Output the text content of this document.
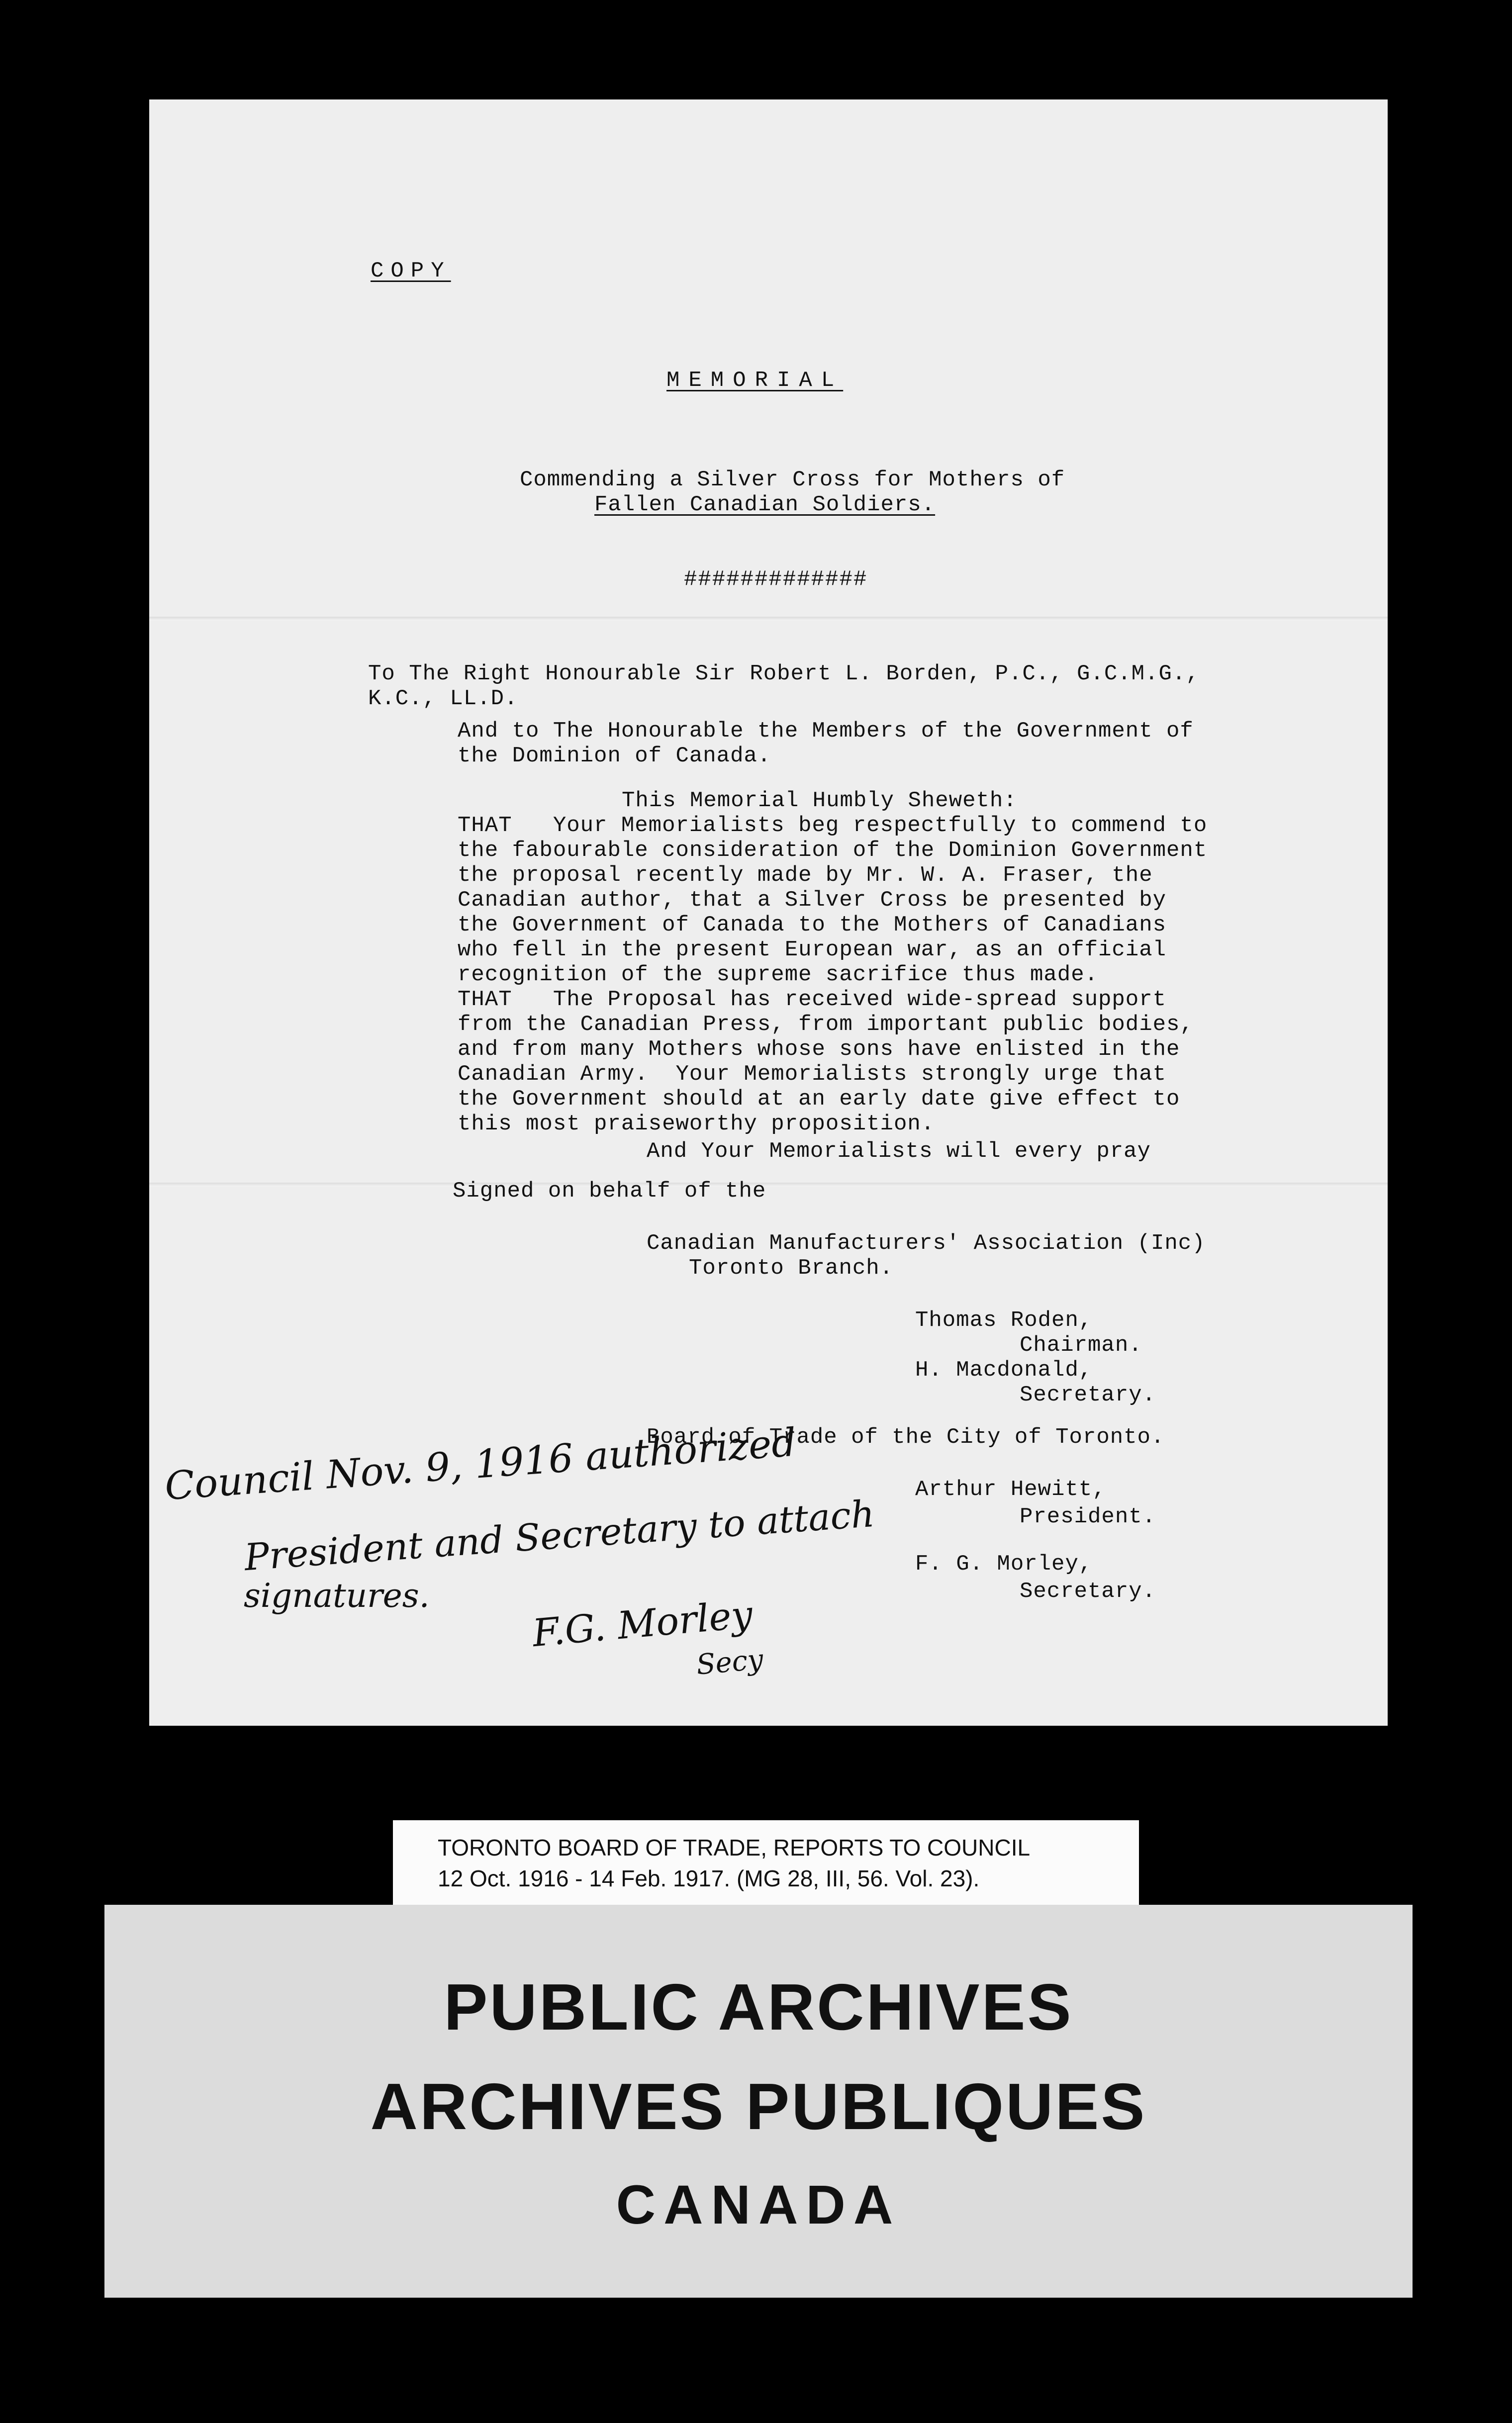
COPY
MEMORIAL
Commending a Silver Cross for Mothers of
Fallen Canadian Soldiers.
#############
To The Right Honourable Sir Robert L. Borden, P.C., G.C.M.G.,
K.C., LL.D.
And to The Honourable the Members of the Government of
the Dominion of Canada.
This Memorial Humbly Sheweth:
THAT   Your Memorialists beg respectfully to commend to
the fabourable consideration of the Dominion Government
the proposal recently made by Mr. W. A. Fraser, the
Canadian author, that a Silver Cross be presented by
the Government of Canada to the Mothers of Canadians
who fell in the present European war, as an official
recognition of the supreme sacrifice thus made.
THAT   The Proposal has received wide-spread support
from the Canadian Press, from important public bodies,
and from many Mothers whose sons have enlisted in the
Canadian Army.  Your Memorialists strongly urge that
the Government should at an early date give effect to
this most praiseworthy proposition.
And Your Memorialists will every pray
Signed on behalf of the
Canadian Manufacturers' Association (Inc)
Toronto Branch.
Thomas Roden,
Chairman.
H. Macdonald,
Secretary.
Board of Trade of the City of Toronto.
Arthur Hewitt,
President.
F. G. Morley,
Secretary.
Council Nov. 9, 1916 authorized
President and Secretary to attach
signatures.	F.G. Morley
Secy
TORONTO BOARD OF TRADE, REPORTS TO COUNCIL
12 Oct. 1916 - 14 Feb. 1917. (MG 28, III, 56. Vol. 23).
PUBLIC ARCHIVES
ARCHIVES PUBLIQUES
CANADA
